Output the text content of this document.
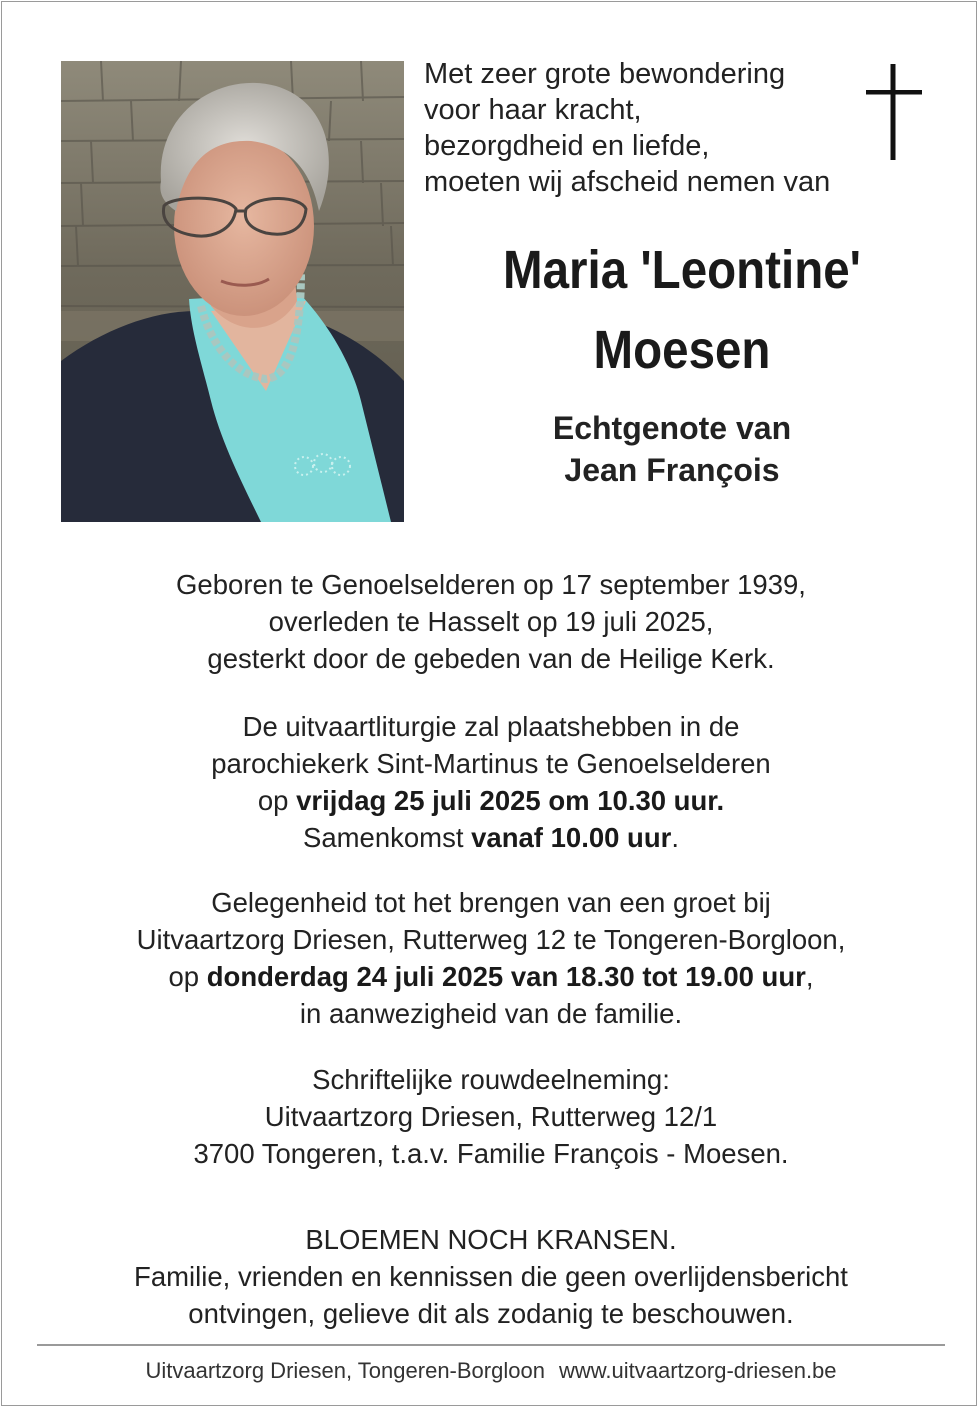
Met zeer grote bewondering
voor haar kracht,
bezorgdheid en liefde,
moeten wij afscheid nemen van
Maria 'Leontine'
Moesen
Echtgenote van
Jean François
Geboren te Genoelselderen op 17 september 1939,
overleden te Hasselt op 19 juli 2025,
gesterkt door de gebeden van de Heilige Kerk.
De uitvaartliturgie zal plaatshebben in de
parochiekerk Sint-Martinus te Genoelselderen
op vrijdag 25 juli 2025 om 10.30 uur.
Samenkomst vanaf 10.00 uur.
Gelegenheid tot het brengen van een groet bij
Uitvaartzorg Driesen, Rutterweg 12 te Tongeren-Borgloon,
op donderdag 24 juli 2025 van 18.30 tot 19.00 uur,
in aanwezigheid van de familie.
Schriftelijke rouwdeelneming:
Uitvaartzorg Driesen, Rutterweg 12/1
3700 Tongeren, t.a.v. Familie François - Moesen.
BLOEMEN NOCH KRANSEN.
Familie, vrienden en kennissen die geen overlijdensbericht
ontvingen, gelieve dit als zodanig te beschouwen.
Uitvaartzorg Driesen, Tongeren-Borgloon www.uitvaartzorg-driesen.be
